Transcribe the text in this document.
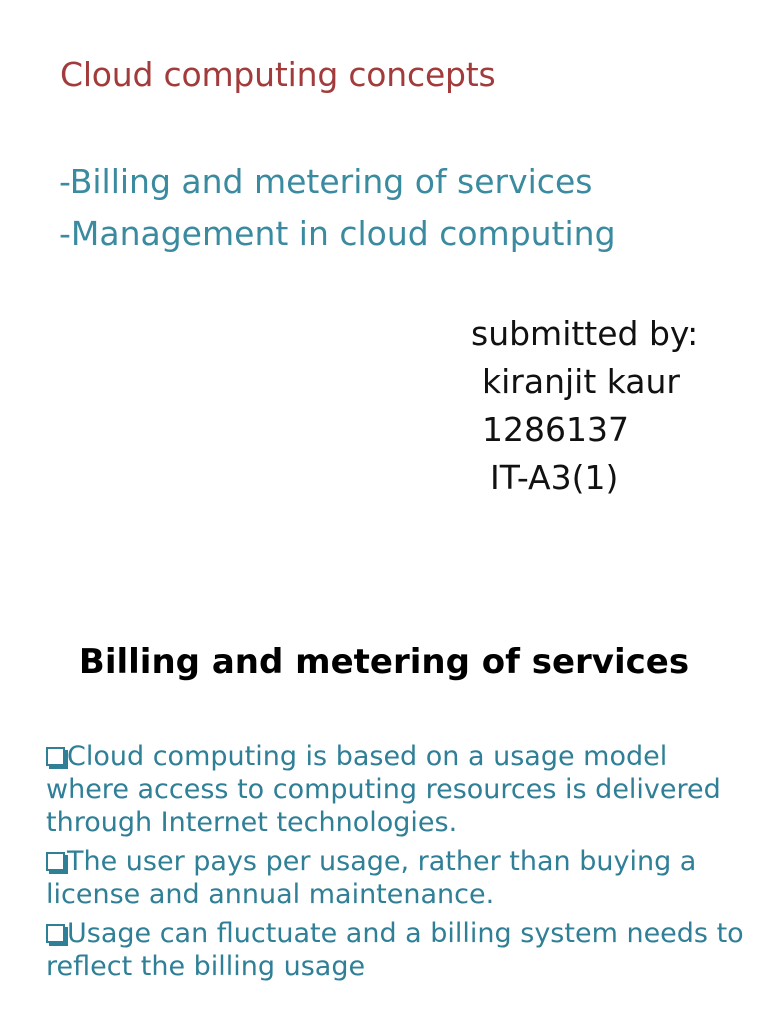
Cloud computing concepts
-Billing and metering of services
-Management in cloud computing
submitted by:
kiranjit kaur
1286137
IT-A3(1)
Billing and metering of services
Cloud computing is based on a usage model where access to computing resources is delivered through Internet technologies.
The user pays per usage, rather than buying a license and annual maintenance.
Usage can fluctuate and a billing system needs to reflect the billing usage
